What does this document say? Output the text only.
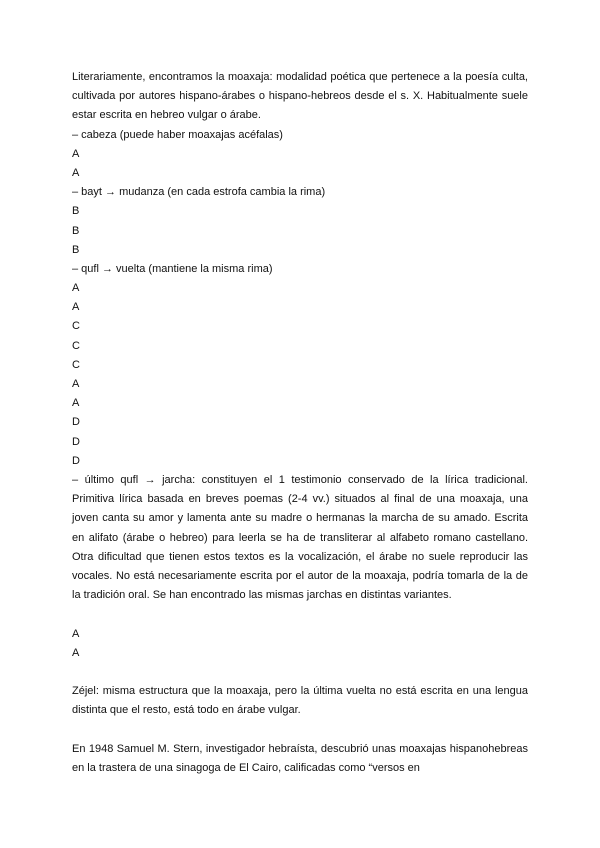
Literariamente, encontramos la moaxaja: modalidad poética que pertenece a la poesía culta, cultivada por autores hispano-árabes o hispano-hebreos desde el s. X. Habitualmente suele estar escrita en hebreo vulgar o árabe.

– cabeza (puede haber moaxajas acéfalas)

A

A

– bayt → mudanza (en cada estrofa cambia la rima)

B

B

B

– qufl → vuelta (mantiene la misma rima)

A

A

C

C

C

A

A

D

D

D

– último qufl → jarcha: constituyen el 1 testimonio conservado de la lírica tradicional. Primitiva lírica basada en breves poemas (2-4 vv.) situados al final de una moaxaja, una joven canta su amor y lamenta ante su madre o hermanas la marcha de su amado. Escrita en alifato (árabe o hebreo) para leerla se ha de transliterar al alfabeto romano castellano. Otra dificultad que tienen estos textos es la vocalización, el árabe no suele reproducir las vocales. No está necesariamente escrita por el autor de la moaxaja, podría tomarla de la de la tradición oral. Se han encontrado las mismas jarchas en distintas variantes.

A

A

Zéjel: misma estructura que la moaxaja, pero la última vuelta no está escrita en una lengua distinta que el resto, está todo en árabe vulgar.

En 1948 Samuel M. Stern, investigador hebraísta, descubrió unas moaxajas hispanohebreas en la trastera de una sinagoga de El Cairo, calificadas como “versos en
